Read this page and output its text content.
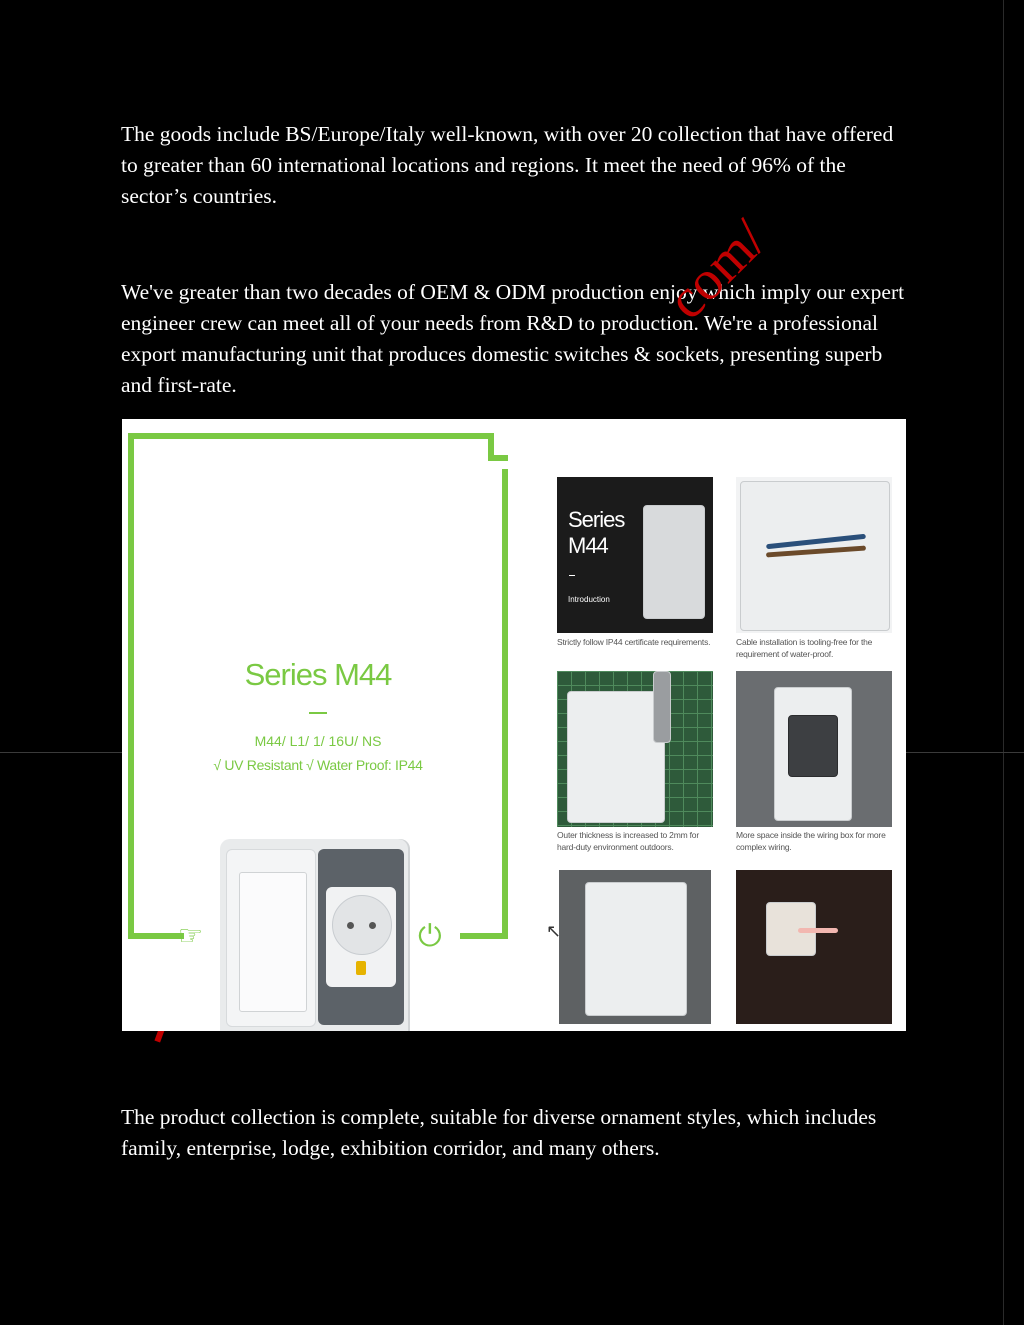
The goods include BS/Europe/Italy well-known, with over 20 collection that have offered to greater than 60 international locations and regions. It meet the need of 96% of the sector’s countries.

We've greater than two decades of OEM & ODM production enjoy which imply our expert engineer crew can meet all of your needs from R&D to production. We're a professional export manufacturing unit that produces domestic switches & sockets, presenting superb and first-rate.

com/
Series M44
M44/ L1/ 1/ 16U/ NS
√ UV Resistant √ Water Proof: IP44
☞	⏻
Series
M44
Introduction
Strictly follow IP44 certificate requirements.	Cable installation is tooling-free for the requirement of water-proof.
Outer thickness is increased to 2mm for hard-duty environment outdoors.
More space inside the wiring box for more complex wiring.
↖

The product collection is complete, suitable for diverse ornament styles, which includes family, enterprise, lodge, exhibition corridor, and many others.
